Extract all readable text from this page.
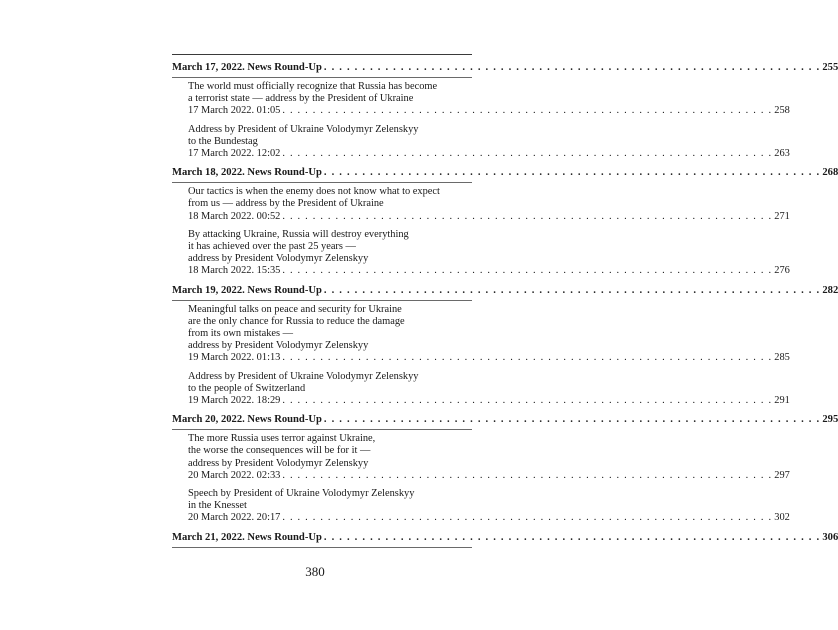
March 17, 2022. News Round-Up . . . . . . . . . . . . . . . . . . . . . . . . . . . . . . . . . . . . . . . . . . . . . . . . . . . . . . . . . . . . . . . . . 255
The world must officially recognize that Russia has become
a terrorist state — address by the President of Ukraine
17 March 2022. 01:05 . . . . . . . . . . . . . . . . . . . . . . . . . . . . . . . . . . . . . . . . . . . . . . . . . . . . . . . . . . . . . . . . . 258
Address by President of Ukraine Volodymyr Zelenskyy
to the Bundestag
17 March 2022. 12:02 . . . . . . . . . . . . . . . . . . . . . . . . . . . . . . . . . . . . . . . . . . . . . . . . . . . . . . . . . . . . . . . . . 263
March 18, 2022. News Round-Up . . . . . . . . . . . . . . . . . . . . . . . . . . . . . . . . . . . . . . . . . . . . . . . . . . . . . . . . . . . . . . . . . 268
Our tactics is when the enemy does not know what to expect
from us — address by the President of Ukraine
18 March 2022. 00:52 . . . . . . . . . . . . . . . . . . . . . . . . . . . . . . . . . . . . . . . . . . . . . . . . . . . . . . . . . . . . . . . . . 271
By attacking Ukraine, Russia will destroy everything
it has achieved over the past 25 years —
address by President Volodymyr Zelenskyy
18 March 2022. 15:35 . . . . . . . . . . . . . . . . . . . . . . . . . . . . . . . . . . . . . . . . . . . . . . . . . . . . . . . . . . . . . . . . . 276
March 19, 2022. News Round-Up . . . . . . . . . . . . . . . . . . . . . . . . . . . . . . . . . . . . . . . . . . . . . . . . . . . . . . . . . . . . . . . . . 282
Meaningful talks on peace and security for Ukraine
are the only chance for Russia to reduce the damage
from its own mistakes —
address by President Volodymyr Zelenskyy
19 March 2022. 01:13 . . . . . . . . . . . . . . . . . . . . . . . . . . . . . . . . . . . . . . . . . . . . . . . . . . . . . . . . . . . . . . . . . 285
Address by President of Ukraine Volodymyr Zelenskyy
to the people of Switzerland
19 March 2022. 18:29 . . . . . . . . . . . . . . . . . . . . . . . . . . . . . . . . . . . . . . . . . . . . . . . . . . . . . . . . . . . . . . . . . 291
March 20, 2022. News Round-Up . . . . . . . . . . . . . . . . . . . . . . . . . . . . . . . . . . . . . . . . . . . . . . . . . . . . . . . . . . . . . . . . . 295
The more Russia uses terror against Ukraine,
the worse the consequences will be for it —
address by President Volodymyr Zelenskyy
20 March 2022. 02:33 . . . . . . . . . . . . . . . . . . . . . . . . . . . . . . . . . . . . . . . . . . . . . . . . . . . . . . . . . . . . . . . . . 297
Speech by President of Ukraine Volodymyr Zelenskyy
in the Knesset
20 March 2022. 20:17 . . . . . . . . . . . . . . . . . . . . . . . . . . . . . . . . . . . . . . . . . . . . . . . . . . . . . . . . . . . . . . . . . 302
March 21, 2022. News Round-Up . . . . . . . . . . . . . . . . . . . . . . . . . . . . . . . . . . . . . . . . . . . . . . . . . . . . . . . . . . . . . . . . . 306
380
